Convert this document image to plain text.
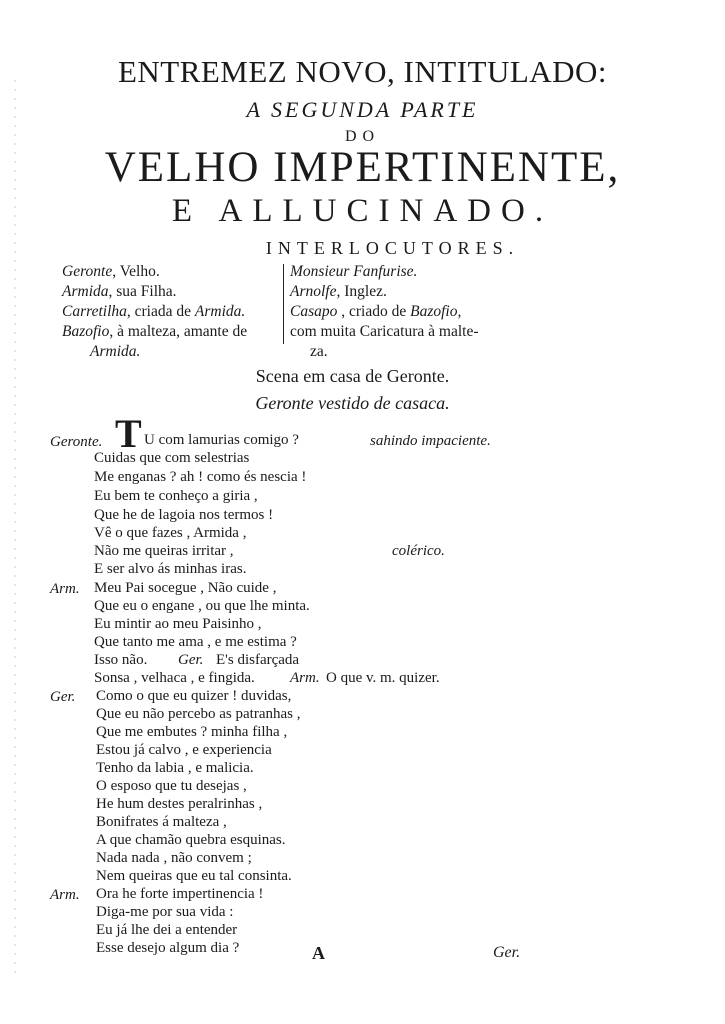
ENTREMEZ NOVO, INTITULADO:
A SEGUNDA PARTE
DO
VELHO IMPERTINENTE,
E ALLUCINADO.
INTERLOCUTORES.
Geronte, Velho.
Armida, sua Filha.
Carretilha, criada de Armida.
Bazofio, à malteza, amante de
Armida.
Monsieur Fanfurise.
Arnolfe, Inglez.
Casapo , criado de Bazofio,
com muita Caricatura à malte-
za.
Scena em casa de Geronte.
Geronte vestido de casaca.
Geronte. T U com lamurias comigo ?	sahindo impaciente.
Cuidas que com selestrias
Me enganas ? ah ! como és nescia !
Eu bem te conheço a giria ,
Que he de lagoia nos termos !
Vê o que fazes , Armida ,
Não me queiras irritar ,	colérico.
E ser alvo ás minhas iras.
Arm. Meu Pai socegue , Não cuide ,
Que eu o engane , ou que lhe minta.
Eu mintir ao meu Paisinho ,
Que tanto me ama , e me estima ?
Isso não. Ger. E's disfarçada
Sonsa , velhaca , e fingida. Arm. O que v. m. quizer.
Ger. Como o que eu quizer ! duvidas,
Que eu não percebo as patranhas ,
Que me embutes ? minha filha ,
Estou já calvo , e experiencia
Tenho da labia , e malicia.
O esposo que tu desejas ,
He hum destes peralrinhas ,
Bonifrates á malteza ,
A que chamão quebra esquinas.
Nada nada , não convem ;
Nem queiras que eu tal consinta.
Arm. Ora he forte impertinencia !
Diga-me por sua vida :
Eu já lhe dei a entender
Esse desejo algum dia ?	A	Ger.
